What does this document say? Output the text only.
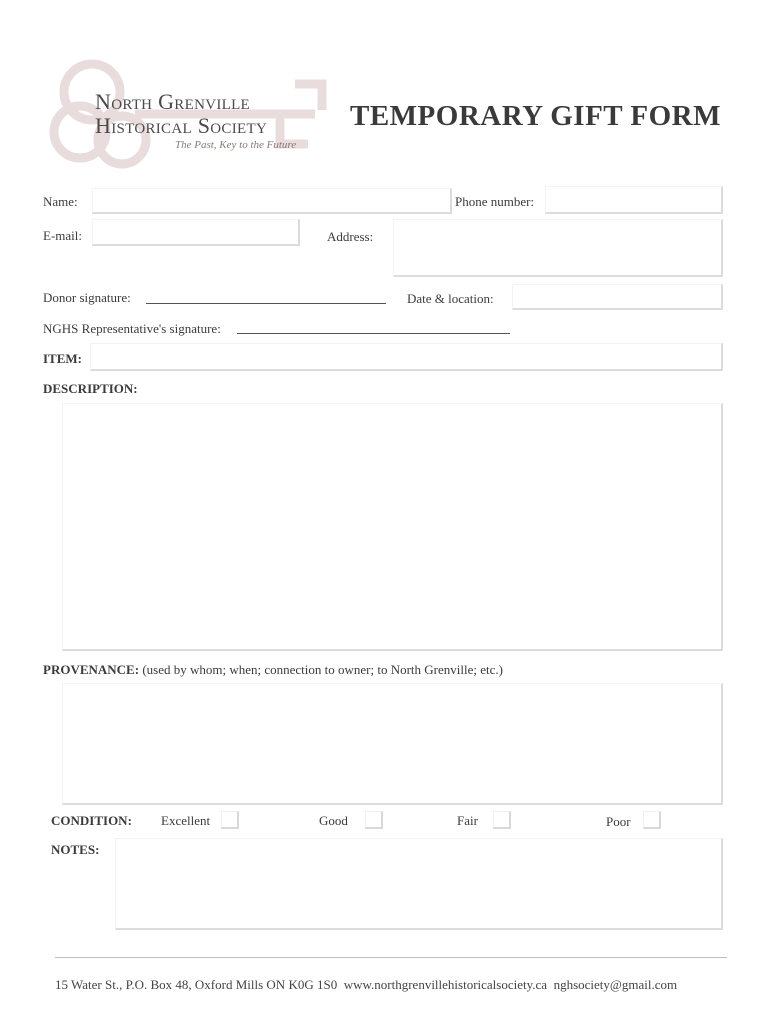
North Grenville
Historical Society
The Past, Key to the Future
TEMPORARY GIFT FORM
Name:	Phone number:
E-mail:	Address:
Donor signature:	Date & location:
NGHS Representative's signature:
ITEM:
DESCRIPTION:
PROVENANCE: (used by whom; when; connection to owner; to North Grenville; etc.)
CONDITION: Excellent	Good	Fair	Poor
NOTES:
15 Water St., P.O. Box 48, Oxford Mills ON K0G 1S0 www.northgrenvillehistoricalsociety.ca nghsociety@gmail.com
